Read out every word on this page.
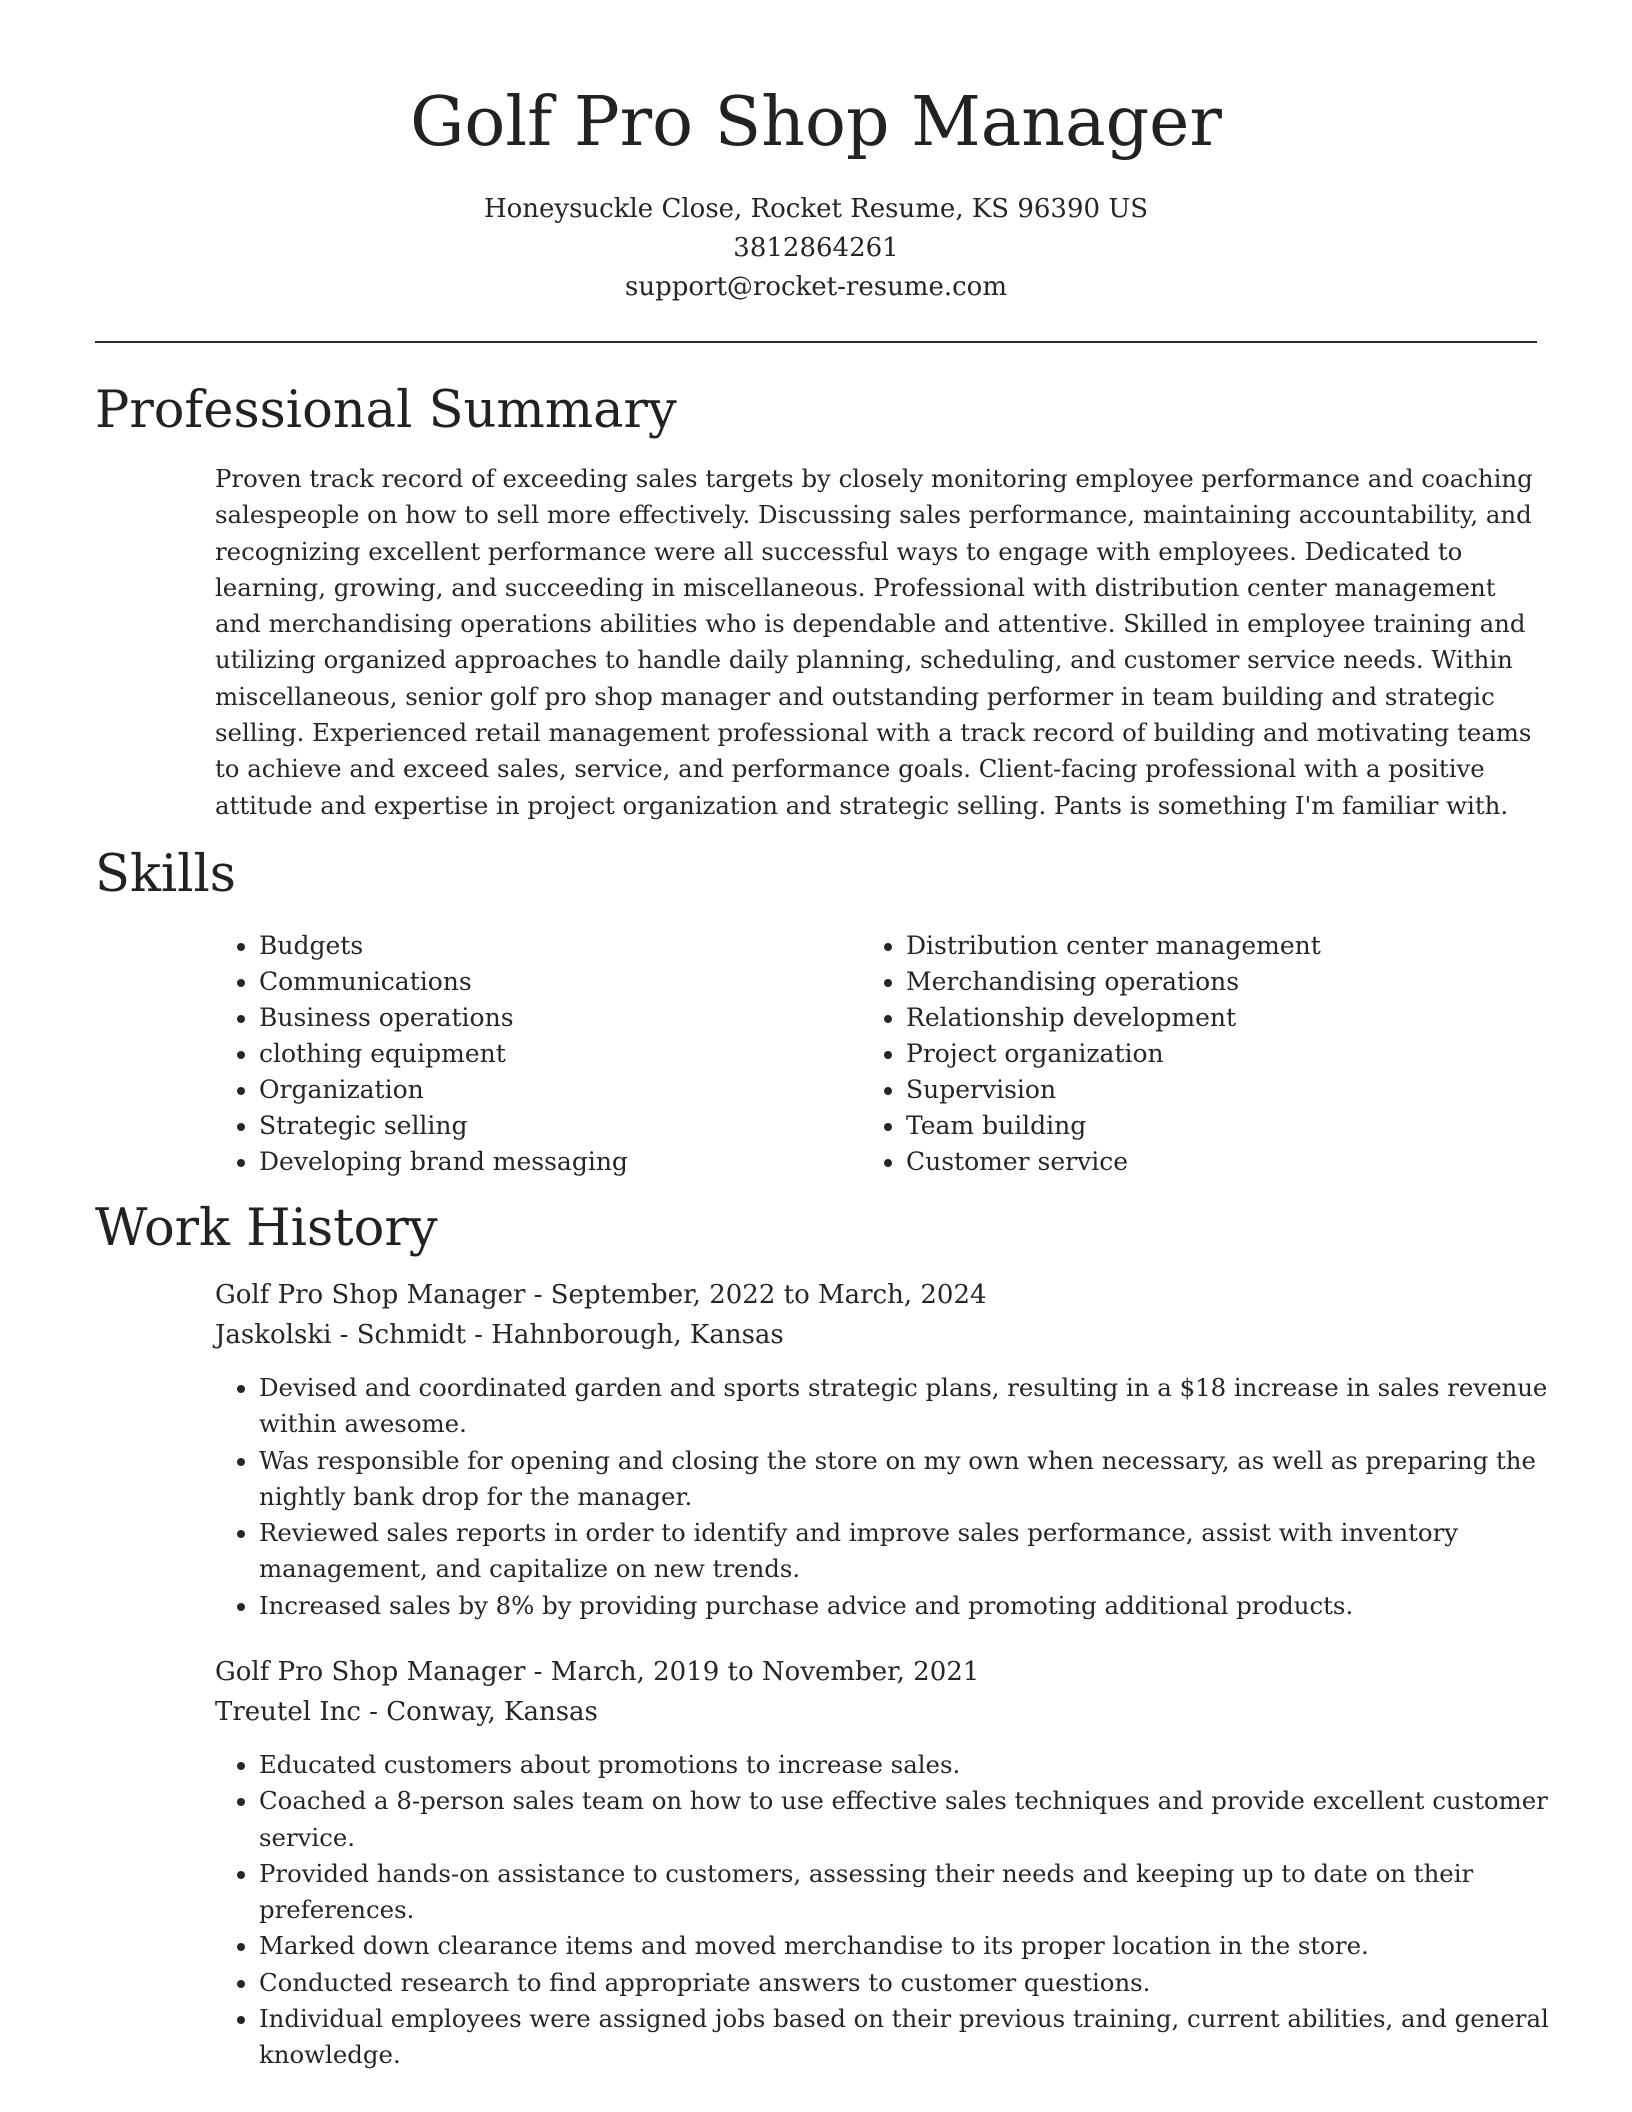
Golf Pro Shop Manager
Honeysuckle Close, Rocket Resume, KS 96390 US
3812864261
support@rocket-resume.com
Professional Summary

Proven track record of exceeding sales targets by closely monitoring employee performance and coaching salespeople on how to sell more effectively. Discussing sales performance, maintaining accountability, and recognizing excellent performance were all successful ways to engage with employees. Dedicated to learning, growing, and succeeding in miscellaneous. Professional with distribution center management and merchandising operations abilities who is dependable and attentive. Skilled in employee training and utilizing organized approaches to handle daily planning, scheduling, and customer service needs. Within miscellaneous, senior golf pro shop manager and outstanding performer in team building and strategic selling. Experienced retail management professional with a track record of building and motivating teams to achieve and exceed sales, service, and performance goals. Client-facing professional with a positive attitude and expertise in project organization and strategic selling. Pants is something I'm familiar with.

Skills
• Budgets
• Communications
• Business operations
• clothing equipment
• Organization
• Strategic selling
• Developing brand messaging
• Distribution center management
• Merchandising operations
• Relationship development
• Project organization
• Supervision
• Team building
• Customer service
Work History
Golf Pro Shop Manager - September, 2022 to March, 2024
Jaskolski - Schmidt - Hahnborough, Kansas
• Devised and coordinated garden and sports strategic plans, resulting in a $18 increase in sales revenue within awesome.
• Was responsible for opening and closing the store on my own when necessary, as well as preparing the nightly bank drop for the manager.
• Reviewed sales reports in order to identify and improve sales performance, assist with inventory management, and capitalize on new trends.
• Increased sales by 8% by providing purchase advice and promoting additional products.
Golf Pro Shop Manager - March, 2019 to November, 2021
Treutel Inc - Conway, Kansas
• Educated customers about promotions to increase sales.
• Coached a 8-person sales team on how to use effective sales techniques and provide excellent customer service.
• Provided hands-on assistance to customers, assessing their needs and keeping up to date on their preferences.
• Marked down clearance items and moved merchandise to its proper location in the store.
• Conducted research to find appropriate answers to customer questions.
• Individual employees were assigned jobs based on their previous training, current abilities, and general knowledge.
